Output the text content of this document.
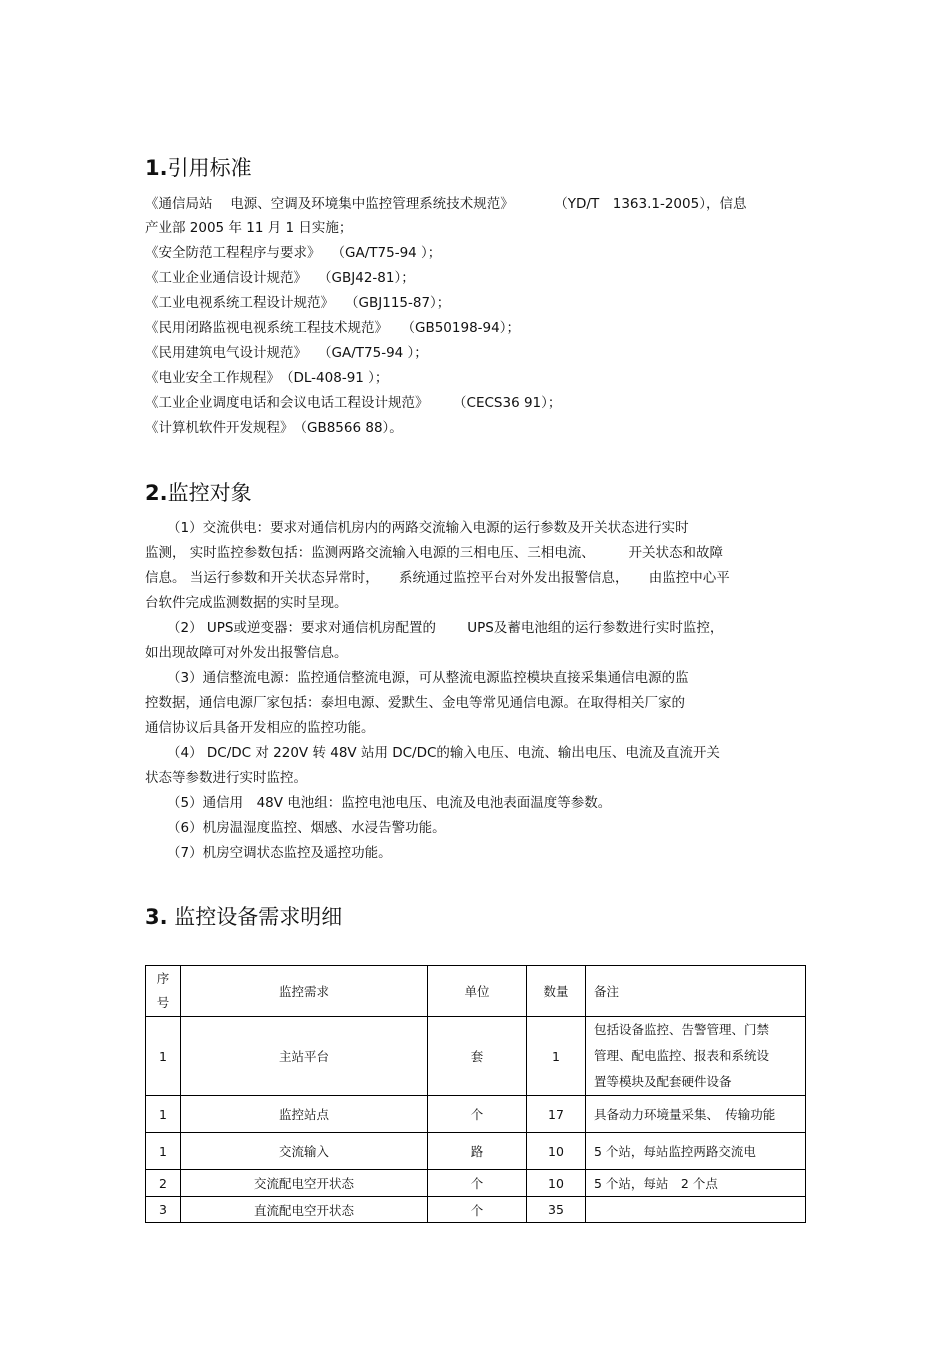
1.引用标准
《通信局站　 电源、空调及环境集中监控管理系统技术规范》　　　　（YD/T　1363.1-2005），信息
产业部 2005 年 11 月 1 日实施；
《安全防范工程程序与要求》　 （GA/T75-94 ）；
《工业企业通信设计规范》　 （GBJ42-81）；
《工业电视系统工程设计规范》　 （GBJ115-87）；
《民用闭路监视电视系统工程技术规范》　　（GB50198-94）；
《民用建筑电气设计规范》　 （GA/T75-94 ）；
《电业安全工作规程》　（DL-408-91 ）；
《工业企业调度电话和会议电话工程设计规范》　　 （CECS36 91）；
《计算机软件开发规程》　（GB8566 88）。
2.监控对象
（1）交流供电：要求对通信机房内的两路交流输入电源的运行参数及开关状态进行实时
监测， 实时监控参数包括：监测两路交流输入电源的三相电压、三相电流、　　　开关状态和故障
信息。 当运行参数和开关状态异常时，　　系统通过监控平台对外发出报警信息，　　由监控中心平
台软件完成监测数据的实时呈现。
（2） UPS或逆变器：要求对通信机房配置的　　 UPS及蓄电池组的运行参数进行实时监控，
如出现故障可对外发出报警信息。
（3）通信整流电源：监控通信整流电源，可从整流电源监控模块直接采集通信电源的监
控数据，通信电源厂家包括：泰坦电源、爱默生、金电等常见通信电源。在取得相关厂家的
通信协议后具备开发相应的监控功能。
（4） DC/DC 对 220V 转 48V 站用 DC/DC的输入电压、电流、输出电压、电流及直流开关
状态等参数进行实时监控。
（5）通信用　48V 电池组：监控电池电压、电流及电池表面温度等参数。
（6）机房温湿度监控、烟感、水浸告警功能。
（7）机房空调状态监控及遥控功能。
3. 监控设备需求明细
序
号	监控需求	单位	数量	备注
1	主站平台	套	1	包括设备监控、告警管理、门禁
管理、配电监控、报表和系统设
置等模块及配套硬件设备
1	监控站点	个	17	具备动力环境量采集、　传输功能
1	交流输入	路	10	5 个站，每站监控两路交流电
2	交流配电空开状态	个	10	5 个站，每站　2 个点
3	直流配电空开状态	个	35	
